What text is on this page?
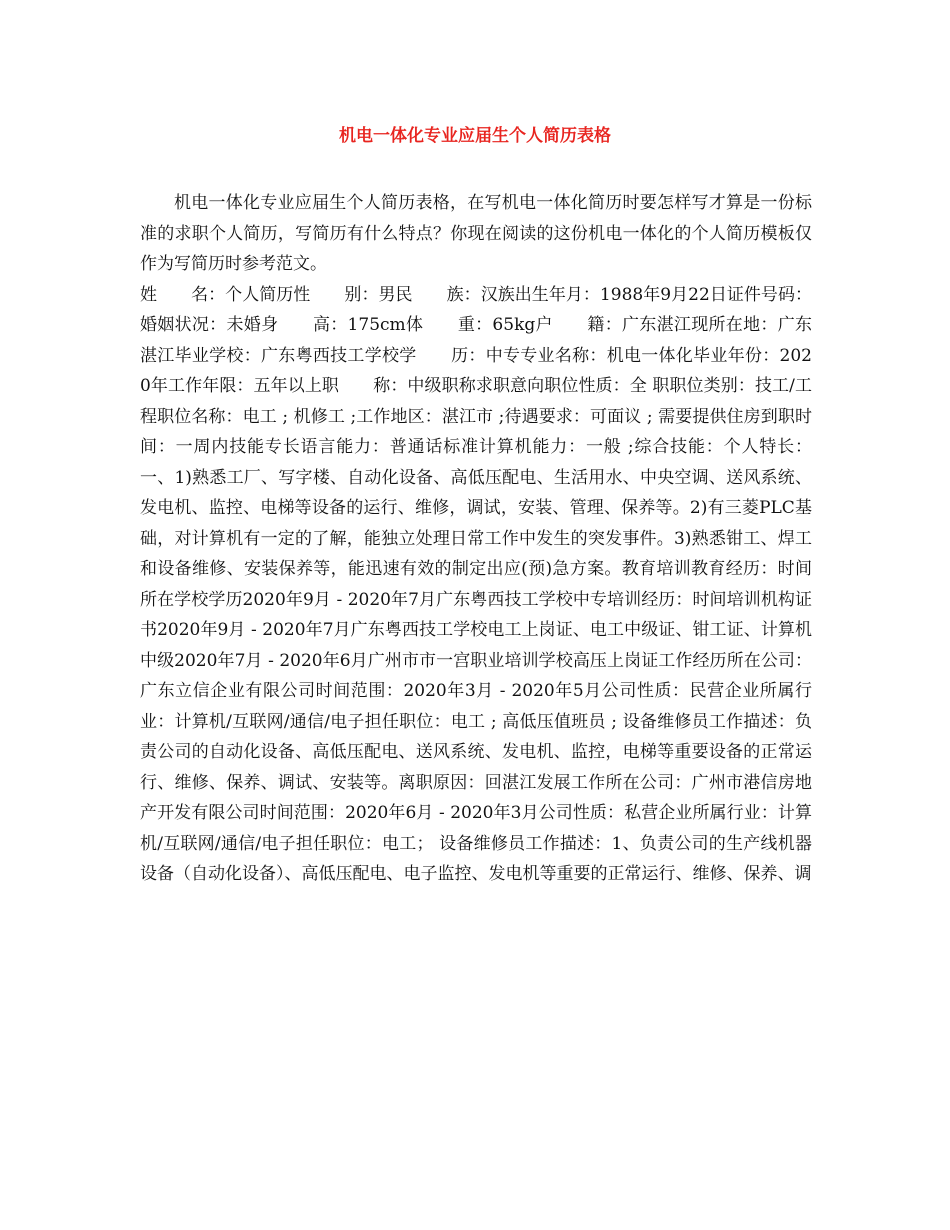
机电一体化专业应届生个人简历表格

机电一体化专业应届生个人简历表格，在写机电一体化简历时要怎样写才算是一份标准的求职个人简历，写简历有什么特点？你现在阅读的这份机电一体化的个人简历模板仅作为写简历时参考范文。

姓　　名：个人简历性　　别：男民　　族：汉族出生年月：1988年9月22日证件号码：婚姻状况：未婚身　　高：175cm体　　重：65kg户　　籍：广东湛江现所在地：广东湛江毕业学校：广东粤西技工学校学　　历：中专专业名称：机电一体化毕业年份：2020年工作年限：五年以上职　　称：中级职称求职意向职位性质：全 职职位类别：技工/工程职位名称：电工 ; 机修工 ;工作地区：湛江市 ;待遇要求：可面议 ; 需要提供住房到职时间：一周内技能专长语言能力：普通话标准计算机能力：一般 ;综合技能：个人特长：一、1)熟悉工厂、写字楼、自动化设备、高低压配电、生活用水、中央空调、送风系统、发电机、监控、电梯等设备的运行、维修，调试，安装、管理、保养等。2)有三菱PLC基础，对计算机有一定的了解，能独立处理日常工作中发生的突发事件。3)熟悉钳工、焊工和设备维修、安装保养等，能迅速有效的制定出应(预)急方案。教育培训教育经历：时间所在学校学历2020年9月 - 2020年7月广东粤西技工学校中专培训经历：时间培训机构证书2020年9月 - 2020年7月广东粤西技工学校电工上岗证、电工中级证、钳工证、计算机中级2020年7月 - 2020年6月广州市市一宫职业培训学校高压上岗证工作经历所在公司：广东立信企业有限公司时间范围：2020年3月 - 2020年5月公司性质：民营企业所属行业：计算机/互联网/通信/电子担任职位：电工 ; 高低压值班员 ; 设备维修员工作描述：负责公司的自动化设备、高低压配电、送风系统、发电机、监控，电梯等重要设备的正常运行、维修、保养、调试、安装等。离职原因：回湛江发展工作所在公司：广州市港信房地产开发有限公司时间范围：2020年6月 - 2020年3月公司性质：私营企业所属行业：计算机/互联网/通信/电子担任职位：电工； 设备维修员工作描述：1、负责公司的生产线机器设备（自动化设备）、高低压配电、电子监控、发电机等重要的正常运行、维修、保养、调
